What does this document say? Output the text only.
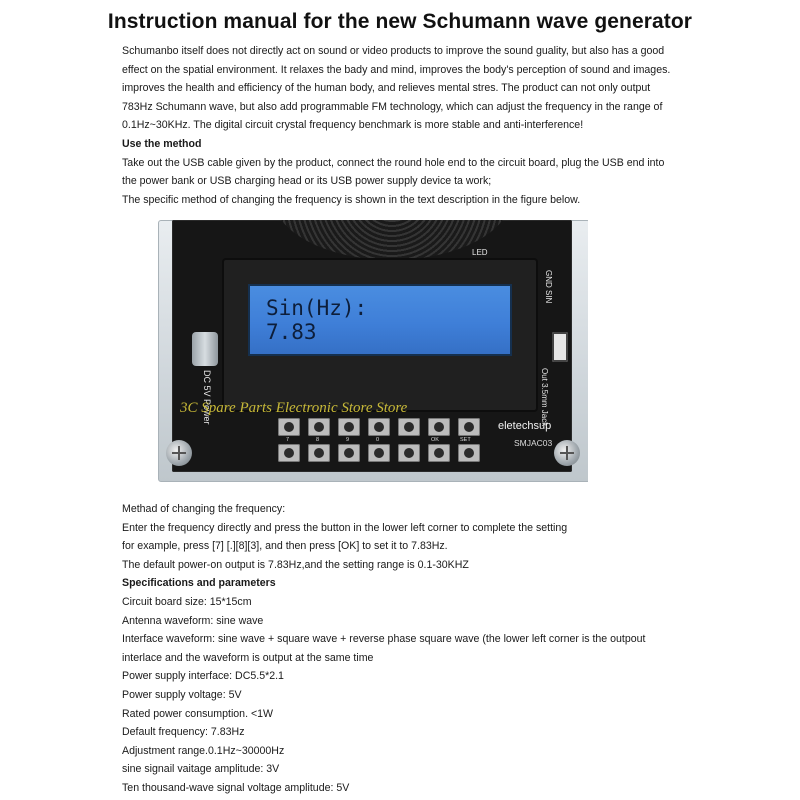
Instruction manual for the new Schumann wave generator
Schumanbo itself does not directly act on sound or video products to improve the sound guality, but also has a good
effect on the spatial environment. It relaxes the badу and mind, improves the body's perception of sound and images.
improves the health and efficiency of the human body, and relieves mental stres. The product can not only output
783Hz Schumann wave, but also add programmable FM technology, which can adjust the frequency in the range of
0.1Hz~30KHz. The digital circuit crystal frequency benchmark is more stable and anti-interference!
Use the method
Take out the USB cable given by the product, connect the round hole end to the circuit board, plug the USB end into
the power bank or USB charging head or its USB power supply device ta work;
The specific method of changing the frequency is shown in the text description in the figure below.
LED
GND SIN
Sin(Hz):
7.83
Out 3.5mm Jack
DC 5V Power
eletechsup
SMJAC03
7	8	9	0	OK	SET
3C Spare Parts Electronic Store Store
Methad of changing the frequency:
Enter the frequency directly and press the button in the lower left corner to complete the setting
for example, press [7] [.][8][3], and then press [OK] to set it to 7.83Hz.
The default power-on output is 7.83Hz,and the setting range is 0.1-30KHZ
Specifications and parameters
Circuit board size: 15*15cm
Antenna waveform: sine wave
Interface waveform: sine wave + square wave + reverse phase square wave (the lower left corner is the outpout
interlace and the waveform is output at the same time
Power supply interface: DC5.5*2.1
Power supply voltage: 5V
Rated power consumption. <1W
Default frequency: 7.83Hz
Adjustment range.0.1Hz~30000Hz
sine signail vaitage amplitude: 3V
Ten thousand-wave signal voltage amplitude: 5V
